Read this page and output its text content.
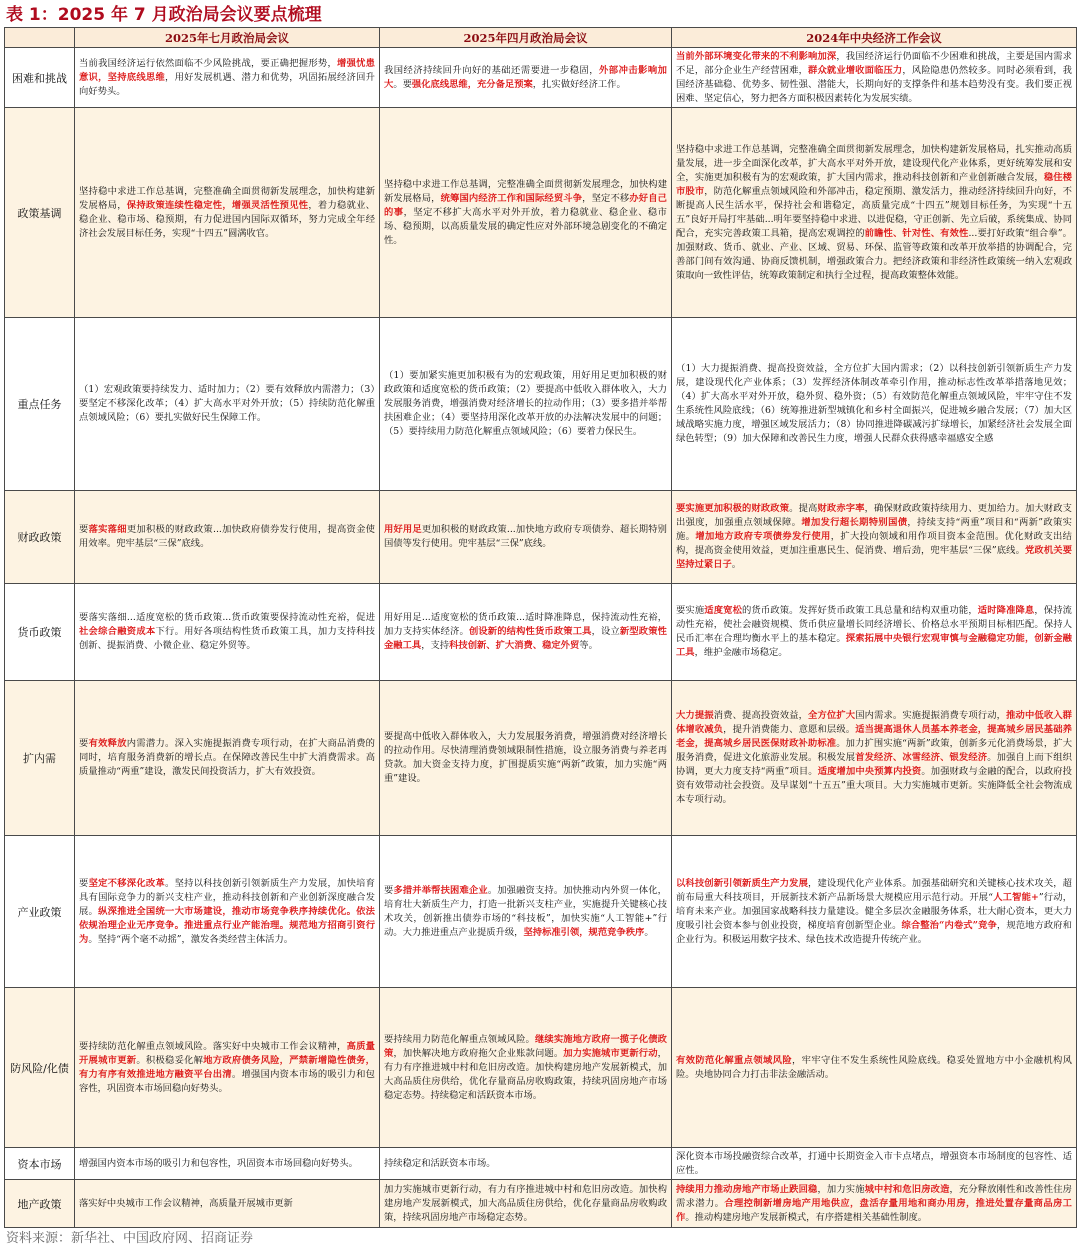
表 1：2025 年 7 月政治局会议要点梳理
	2025年七月政治局会议	2025年四月政治局会议	2024年中央经济工作会议
困难和挑战	当前我国经济运行依然面临不少风险挑战，要正确把握形势，增强忧患意识，坚持底线思维，用好发展机遇、潜力和优势，巩固拓展经济回升向好势头。	我国经济持续回升向好的基础还需要进一步稳固，外部冲击影响加大。要强化底线思维，充分备足预案，扎实做好经济工作。	当前外部环境变化带来的不利影响加深，我国经济运行仍面临不少困难和挑战，主要是国内需求不足，部分企业生产经营困难，群众就业增收面临压力，风险隐患仍然较多。同时必须看到，我国经济基础稳、优势多、韧性强、潜能大，长期向好的支撑条件和基本趋势没有变。我们要正视困难、坚定信心，努力把各方面积极因素转化为发展实绩。
政策基调	坚持稳中求进工作总基调，完整准确全面贯彻新发展理念，加快构建新发展格局，保持政策连续性稳定性，增强灵活性预见性，着力稳就业、稳企业、稳市场、稳预期，有力促进国内国际双循环，努力完成全年经济社会发展目标任务，实现“十四五”圆满收官。	坚持稳中求进工作总基调，完整准确全面贯彻新发展理念，加快构建新发展格局，统筹国内经济工作和国际经贸斗争，坚定不移办好自己的事，坚定不移扩大高水平对外开放，着力稳就业、稳企业、稳市场、稳预期，以高质量发展的确定性应对外部环境急剧变化的不确定性。	坚持稳中求进工作总基调，完整准确全面贯彻新发展理念，加快构建新发展格局，扎实推动高质量发展，进一步全面深化改革，扩大高水平对外开放，建设现代化产业体系，更好统筹发展和安全，实施更加积极有为的宏观政策，扩大国内需求，推动科技创新和产业创新融合发展，稳住楼市股市，防范化解重点领域风险和外部冲击，稳定预期、激发活力，推动经济持续回升向好，不断提高人民生活水平，保持社会和谐稳定，高质量完成“十四五”规划目标任务，为实现“十五五”良好开局打牢基础...明年要坚持稳中求进、以进促稳，守正创新、先立后破，系统集成、协同配合，充实完善政策工具箱，提高宏观调控的前瞻性、针对性、有效性...要打好政策“组合拳”。加强财政、货币、就业、产业、区域、贸易、环保、监管等政策和改革开放举措的协调配合，完善部门间有效沟通、协商反馈机制，增强政策合力。把经济政策和非经济性政策统一纳入宏观政策取向一致性评估，统筹政策制定和执行全过程，提高政策整体效能。
重点任务	（1）宏观政策要持续发力、适时加力；（2）要有效释放内需潜力；（3）要坚定不移深化改革；（4）扩大高水平对外开放；（5）持续防范化解重点领域风险；（6）要扎实做好民生保障工作。	（1）要加紧实施更加积极有为的宏观政策，用好用足更加积极的财政政策和适度宽松的货币政策；（2）要提高中低收入群体收入，大力发展服务消费，增强消费对经济增长的拉动作用；（3）要多措并举帮扶困难企业；（4）要坚持用深化改革开放的办法解决发展中的问题；（5）要持续用力防范化解重点领域风险；（6）要着力保民生。	（1）大力提振消费、提高投资效益，全方位扩大国内需求；（2）以科技创新引领新质生产力发展，建设现代化产业体系；（3）发挥经济体制改革牵引作用，推动标志性改革举措落地见效；（4）扩大高水平对外开放，稳外贸、稳外资；（5）有效防范化解重点领域风险，牢牢守住不发生系统性风险底线；（6）统筹推进新型城镇化和乡村全面振兴，促进城乡融合发展；（7）加大区域战略实施力度，增强区域发展活力；（8）协同推进降碳减污扩绿增长，加紧经济社会发展全面绿色转型；（9）加大保障和改善民生力度，增强人民群众获得感幸福感安全感
财政政策	要落实落细更加积极的财政政策...加快政府债券发行使用，提高资金使用效率。兜牢基层“三保”底线。	用好用足更加积极的财政政策...加快地方政府专项债券、超长期特别国债等发行使用。兜牢基层“三保”底线。	要实施更加积极的财政政策。提高财政赤字率，确保财政政策持续用力、更加给力。加大财政支出强度，加强重点领域保障。增加发行超长期特别国债，持续支持“两重”项目和“两新”政策实施。增加地方政府专项债券发行使用，扩大投向领域和用作项目资本金范围。优化财政支出结构，提高资金使用效益，更加注重惠民生、促消费、增后劲，兜牢基层“三保”底线。党政机关要坚持过紧日子。
货币政策	要落实落细...适度宽松的货币政策...货币政策要保持流动性充裕，促进社会综合融资成本下行。用好各项结构性货币政策工具，加力支持科技创新、提振消费、小微企业、稳定外贸等。	用好用足...适度宽松的货币政策...适时降准降息，保持流动性充裕，加力支持实体经济。创设新的结构性货币政策工具，设立新型政策性金融工具，支持科技创新、扩大消费、稳定外贸等。	要实施适度宽松的货币政策。发挥好货币政策工具总量和结构双重功能，适时降准降息，保持流动性充裕，使社会融资规模、货币供应量增长同经济增长、价格总水平预期目标相匹配。保持人民币汇率在合理均衡水平上的基本稳定。探索拓展中央银行宏观审慎与金融稳定功能，创新金融工具，维护金融市场稳定。
扩内需	要有效释放内需潜力。深入实施提振消费专项行动，在扩大商品消费的同时，培育服务消费新的增长点。在保障改善民生中扩大消费需求。高质量推动“两重”建设，激发民间投资活力，扩大有效投资。	要提高中低收入群体收入，大力发展服务消费，增强消费对经济增长的拉动作用。尽快清理消费领域限制性措施，设立服务消费与养老再贷款。加大资金支持力度，扩围提质实施“两新”政策，加力实施“两重”建设。	大力提振消费、提高投资效益，全方位扩大国内需求。实施提振消费专项行动，推动中低收入群体增收减负，提升消费能力、意愿和层级。适当提高退休人员基本养老金，提高城乡居民基础养老金，提高城乡居民医保财政补助标准。加力扩围实施“两新”政策，创新多元化消费场景，扩大服务消费，促进文化旅游业发展。积极发展首发经济、冰雪经济、银发经济。加强自上而下组织协调，更大力度支持“两重”项目。适度增加中央预算内投资。加强财政与金融的配合，以政府投资有效带动社会投资。及早谋划“十五五”重大项目。大力实施城市更新。实施降低全社会物流成本专项行动。
产业政策	要坚定不移深化改革。坚持以科技创新引领新质生产力发展，加快培育具有国际竞争力的新兴支柱产业，推动科技创新和产业创新深度融合发展。纵深推进全国统一大市场建设，推动市场竞争秩序持续优化。依法依规治理企业无序竞争。推进重点行业产能治理。规范地方招商引资行为。坚持“两个毫不动摇”，激发各类经营主体活力。	要多措并举帮扶困难企业。加强融资支持。加快推动内外贸一体化，培育壮大新质生产力，打造一批新兴支柱产业，实施提升关键核心技术攻关，创新推出债券市场的“科技板”，加快实施“人工智能+”行动。大力推进重点产业提质升级，坚持标准引领，规范竞争秩序。	以科技创新引领新质生产力发展，建设现代化产业体系。加强基础研究和关键核心技术攻关，超前布局重大科技项目，开展新技术新产品新场景大规模应用示范行动。开展“人工智能+”行动，培育未来产业。加强国家战略科技力量建设。健全多层次金融服务体系，壮大耐心资本，更大力度吸引社会资本参与创业投资，梯度培育创新型企业。综合整治“内卷式”竞争，规范地方政府和企业行为。积极运用数字技术、绿色技术改造提升传统产业。
防风险/化债	要持续防范化解重点领域风险。落实好中央城市工作会议精神，高质量开展城市更新。积极稳妥化解地方政府债务风险，严禁新增隐性债务，有力有序有效推进地方融资平台出清。增强国内资本市场的吸引力和包容性，巩固资本市场回稳向好势头。	要持续用力防范化解重点领域风险。继续实施地方政府一揽子化债政策，加快解决地方政府拖欠企业账款问题。加力实施城市更新行动，有力有序推进城中村和危旧房改造。加快构建房地产发展新模式，加大高品质住房供给，优化存量商品房收购政策，持续巩固房地产市场稳定态势。持续稳定和活跃资本市场。	有效防范化解重点领域风险，牢牢守住不发生系统性风险底线。稳妥处置地方中小金融机构风险。央地协同合力打击非法金融活动。
资本市场	增强国内资本市场的吸引力和包容性，巩固资本市场回稳向好势头。	持续稳定和活跃资本市场。	深化资本市场投融资综合改革，打通中长期资金入市卡点堵点，增强资本市场制度的包容性、适应性。
地产政策	落实好中央城市工作会议精神，高质量开展城市更新	加力实施城市更新行动，有力有序推进城中村和危旧房改造。加快构建房地产发展新模式，加大高品质住房供给，优化存量商品房收购政策，持续巩固房地产市场稳定态势。	持续用力推动房地产市场止跌回稳，加力实施城中村和危旧房改造，充分释放刚性和改善性住房需求潜力。合理控制新增房地产用地供应，盘活存量用地和商办用房，推进处置存量商品房工作。推动构建房地产发展新模式，有序搭建相关基础性制度。
资料来源：新华社、中国政府网、招商证券
